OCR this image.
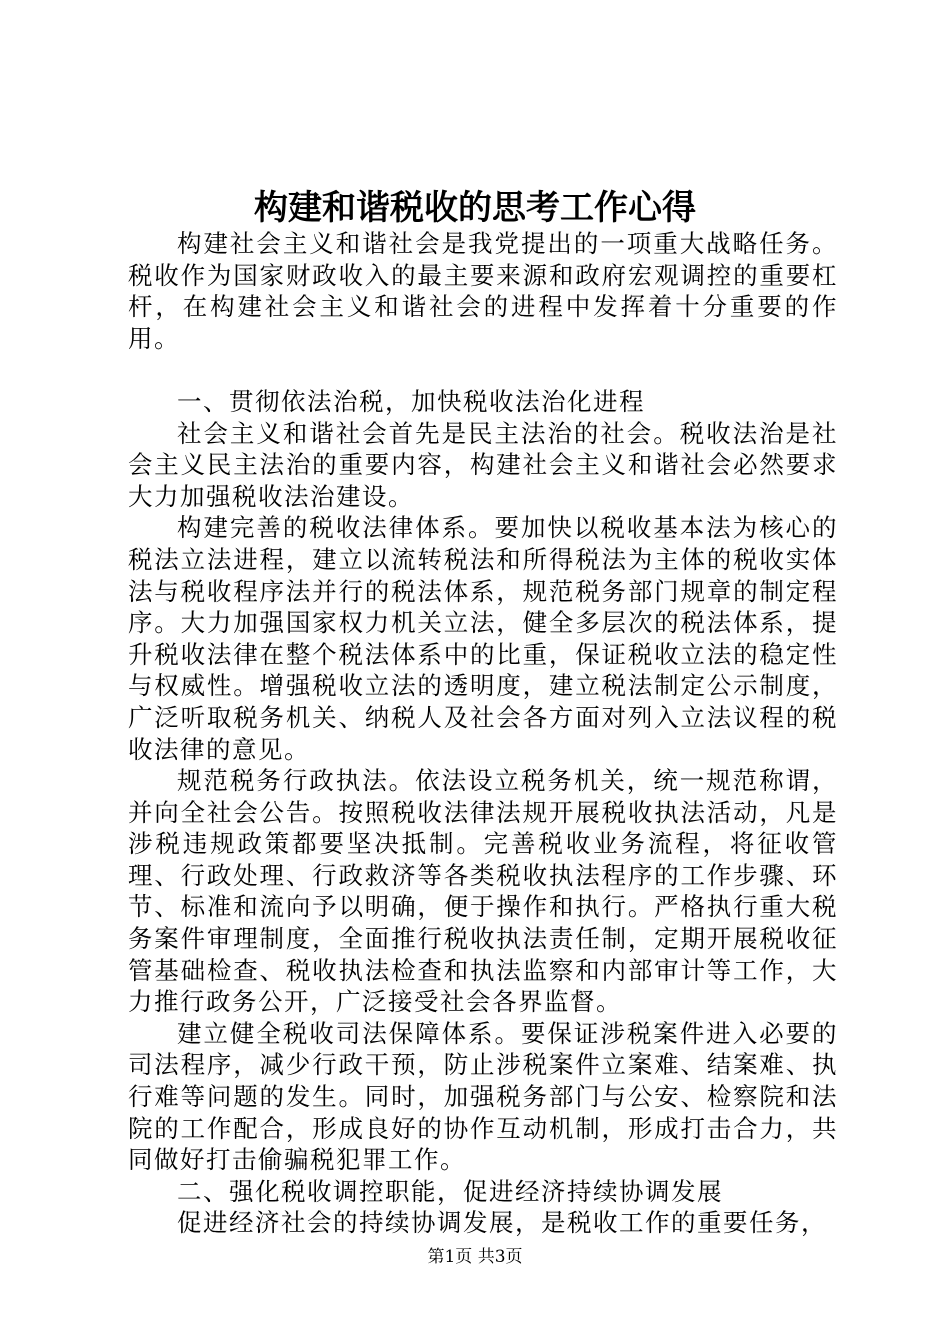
构建和谐税收的思考工作心得

构建社会主义和谐社会是我党提出的一项重大战略任务。税收作为国家财政收入的最主要来源和政府宏观调控的重要杠杆，在构建社会主义和谐社会的进程中发挥着十分重要的作用。

一、贯彻依法治税，加快税收法治化进程

社会主义和谐社会首先是民主法治的社会。税收法治是社会主义民主法治的重要内容，构建社会主义和谐社会必然要求大力加强税收法治建设。

构建完善的税收法律体系。要加快以税收基本法为核心的税法立法进程，建立以流转税法和所得税法为主体的税收实体法与税收程序法并行的税法体系，规范税务部门规章的制定程序。大力加强国家权力机关立法，健全多层次的税法体系，提升税收法律在整个税法体系中的比重，保证税收立法的稳定性与权威性。增强税收立法的透明度，建立税法制定公示制度，广泛听取税务机关、纳税人及社会各方面对列入立法议程的税收法律的意见。

规范税务行政执法。依法设立税务机关，统一规范称谓，并向全社会公告。按照税收法律法规开展税收执法活动，凡是涉税违规政策都要坚决抵制。完善税收业务流程，将征收管理、行政处理、行政救济等各类税收执法程序的工作步骤、环节、标准和流向予以明确，便于操作和执行。严格执行重大税务案件审理制度，全面推行税收执法责任制，定期开展税收征管基础检查、税收执法检查和执法监察和内部审计等工作，大力推行政务公开，广泛接受社会各界监督。

建立健全税收司法保障体系。要保证涉税案件进入必要的司法程序，减少行政干预，防止涉税案件立案难、结案难、执行难等问题的发生。同时，加强税务部门与公安、检察院和法院的工作配合，形成良好的协作互动机制，形成打击合力，共同做好打击偷骗税犯罪工作。

二、强化税收调控职能，促进经济持续协调发展

促进经济社会的持续协调发展，是税收工作的重要任务，

第1页 共3页
